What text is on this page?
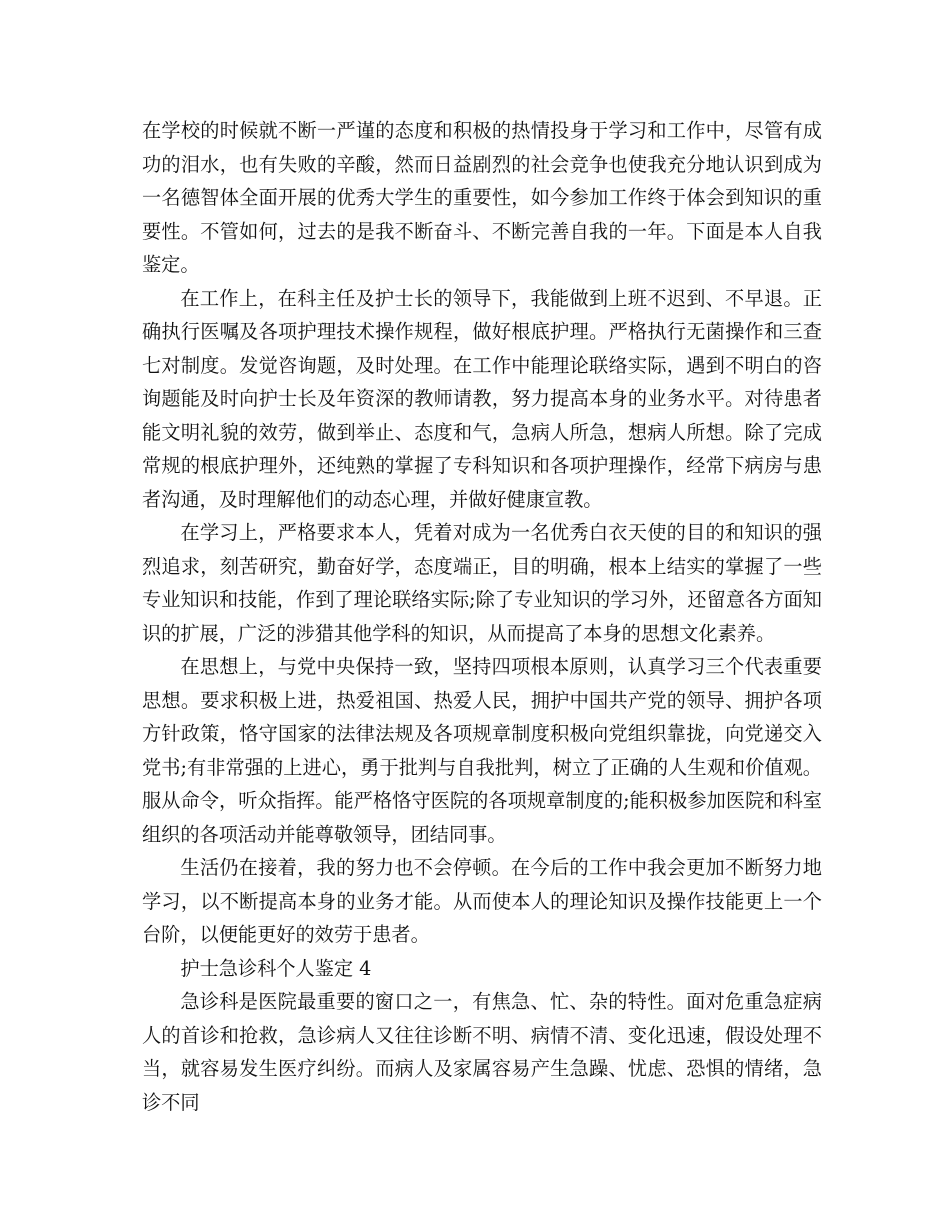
在学校的时候就不断一严谨的态度和积极的热情投身于学习和工作中，尽管有成功的泪水，也有失败的辛酸，然而日益剧烈的社会竞争也使我充分地认识到成为一名德智体全面开展的优秀大学生的重要性，如今参加工作终于体会到知识的重要性。不管如何，过去的是我不断奋斗、不断完善自我的一年。下面是本人自我鉴定。

在工作上，在科主任及护士长的领导下，我能做到上班不迟到、不早退。正确执行医嘱及各项护理技术操作规程，做好根底护理。严格执行无菌操作和三查七对制度。发觉咨询题，及时处理。在工作中能理论联络实际，遇到不明白的咨询题能及时向护士长及年资深的教师请教，努力提高本身的业务水平。对待患者能文明礼貌的效劳，做到举止、态度和气，急病人所急，想病人所想。除了完成常规的根底护理外，还纯熟的掌握了专科知识和各项护理操作，经常下病房与患者沟通，及时理解他们的动态心理，并做好健康宣教。

在学习上，严格要求本人，凭着对成为一名优秀白衣天使的目的和知识的强烈追求，刻苦研究，勤奋好学，态度端正，目的明确，根本上结实的掌握了一些专业知识和技能，作到了理论联络实际;除了专业知识的学习外，还留意各方面知识的扩展，广泛的涉猎其他学科的知识，从而提高了本身的思想文化素养。

在思想上，与党中央保持一致，坚持四项根本原则，认真学习三个代表重要思想。要求积极上进，热爱祖国、热爱人民，拥护中国共产党的领导、拥护各项方针政策，恪守国家的法律法规及各项规章制度积极向党组织靠拢，向党递交入党书;有非常强的上进心，勇于批判与自我批判，树立了正确的人生观和价值观。服从命令，听众指挥。能严格恪守医院的各项规章制度的;能积极参加医院和科室组织的各项活动并能尊敬领导，团结同事。

生活仍在接着，我的努力也不会停顿。在今后的工作中我会更加不断努力地学习，以不断提高本身的业务才能。从而使本人的理论知识及操作技能更上一个台阶，以便能更好的效劳于患者。

护士急诊科个人鉴定 4

急诊科是医院最重要的窗口之一，有焦急、忙、杂的特性。面对危重急症病人的首诊和抢救，急诊病人又往往诊断不明、病情不清、变化迅速，假设处理不当，就容易发生医疗纠纷。而病人及家属容易产生急躁、忧虑、恐惧的情绪，急诊不同
